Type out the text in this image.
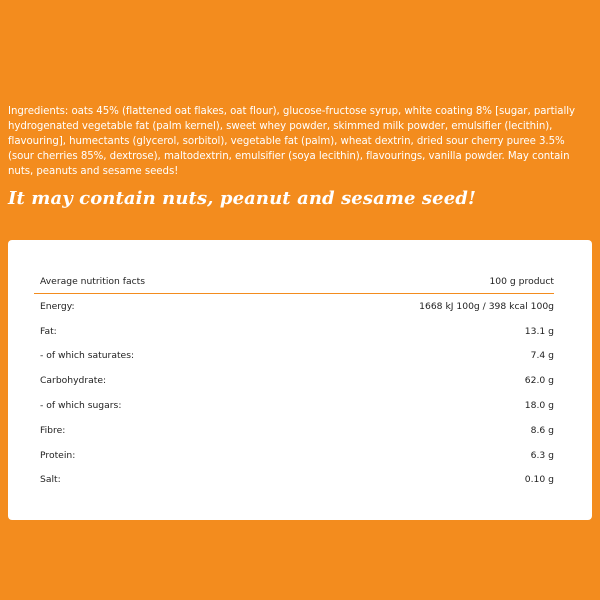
Ingredients: oats 45% (flattened oat flakes, oat flour), glucose-fructose syrup, white coating 8% [sugar, partially hydrogenated vegetable fat (palm kernel), sweet whey powder, skimmed milk powder, emulsifier (lecithin), flavouring], humectants (glycerol, sorbitol), vegetable fat (palm), wheat dextrin, dried sour cherry puree 3.5% (sour cherries 85%, dextrose), maltodextrin, emulsifier (soya lecithin), flavourings, vanilla powder. May contain nuts, peanuts and sesame seeds!
It may contain nuts, peanut and sesame seed!
Average nutrition facts	100 g product
Energy:	1668 kJ 100g / 398 kcal 100g
Fat:	13.1 g
- of which saturates:	7.4 g
Carbohydrate:	62.0 g
- of which sugars:	18.0 g
Fibre:	8.6 g
Protein:	6.3 g
Salt:	0.10 g
